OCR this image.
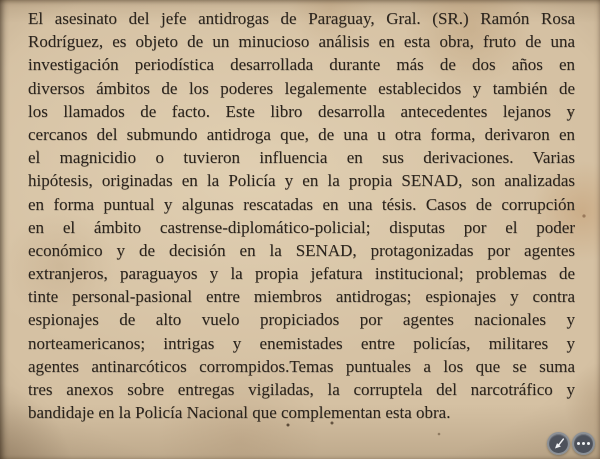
El asesinato del jefe antidrogas de Paraguay, Gral. (SR.) Ramón Rosa
Rodríguez, es objeto de un minucioso análisis en esta obra, fruto de una
investigación periodística desarrollada durante más de dos años en
diversos ámbitos de los poderes legalemente establecidos y también de
los llamados de facto. Este libro desarrolla antecedentes lejanos y
cercanos del submundo antidroga que, de una u otra forma, derivaron en
el magnicidio o tuvieron influencia en sus derivaciones. Varias
hipótesis, originadas en la Policía y en la propia SENAD, son analizadas
en forma puntual y algunas rescatadas en una tésis. Casos de corrupción
en el ámbito castrense-diplomático-policial; disputas por el poder
económico y de decisión en la SENAD, protagonizadas por agentes
extranjeros, paraguayos y la propia jefatura institucional; problemas de
tinte personal-pasional entre miembros antidrogas; espionajes y contra
espionajes de alto vuelo propiciados por agentes nacionales y
norteamericanos; intrigas y enemistades entre policías, militares y
agentes antinarcóticos corrompidos.Temas puntuales a los que se suma
tres anexos sobre entregas vigiladas, la corruptela del narcotráfico y
bandidaje en la Policía Nacional que complementan esta obra.
